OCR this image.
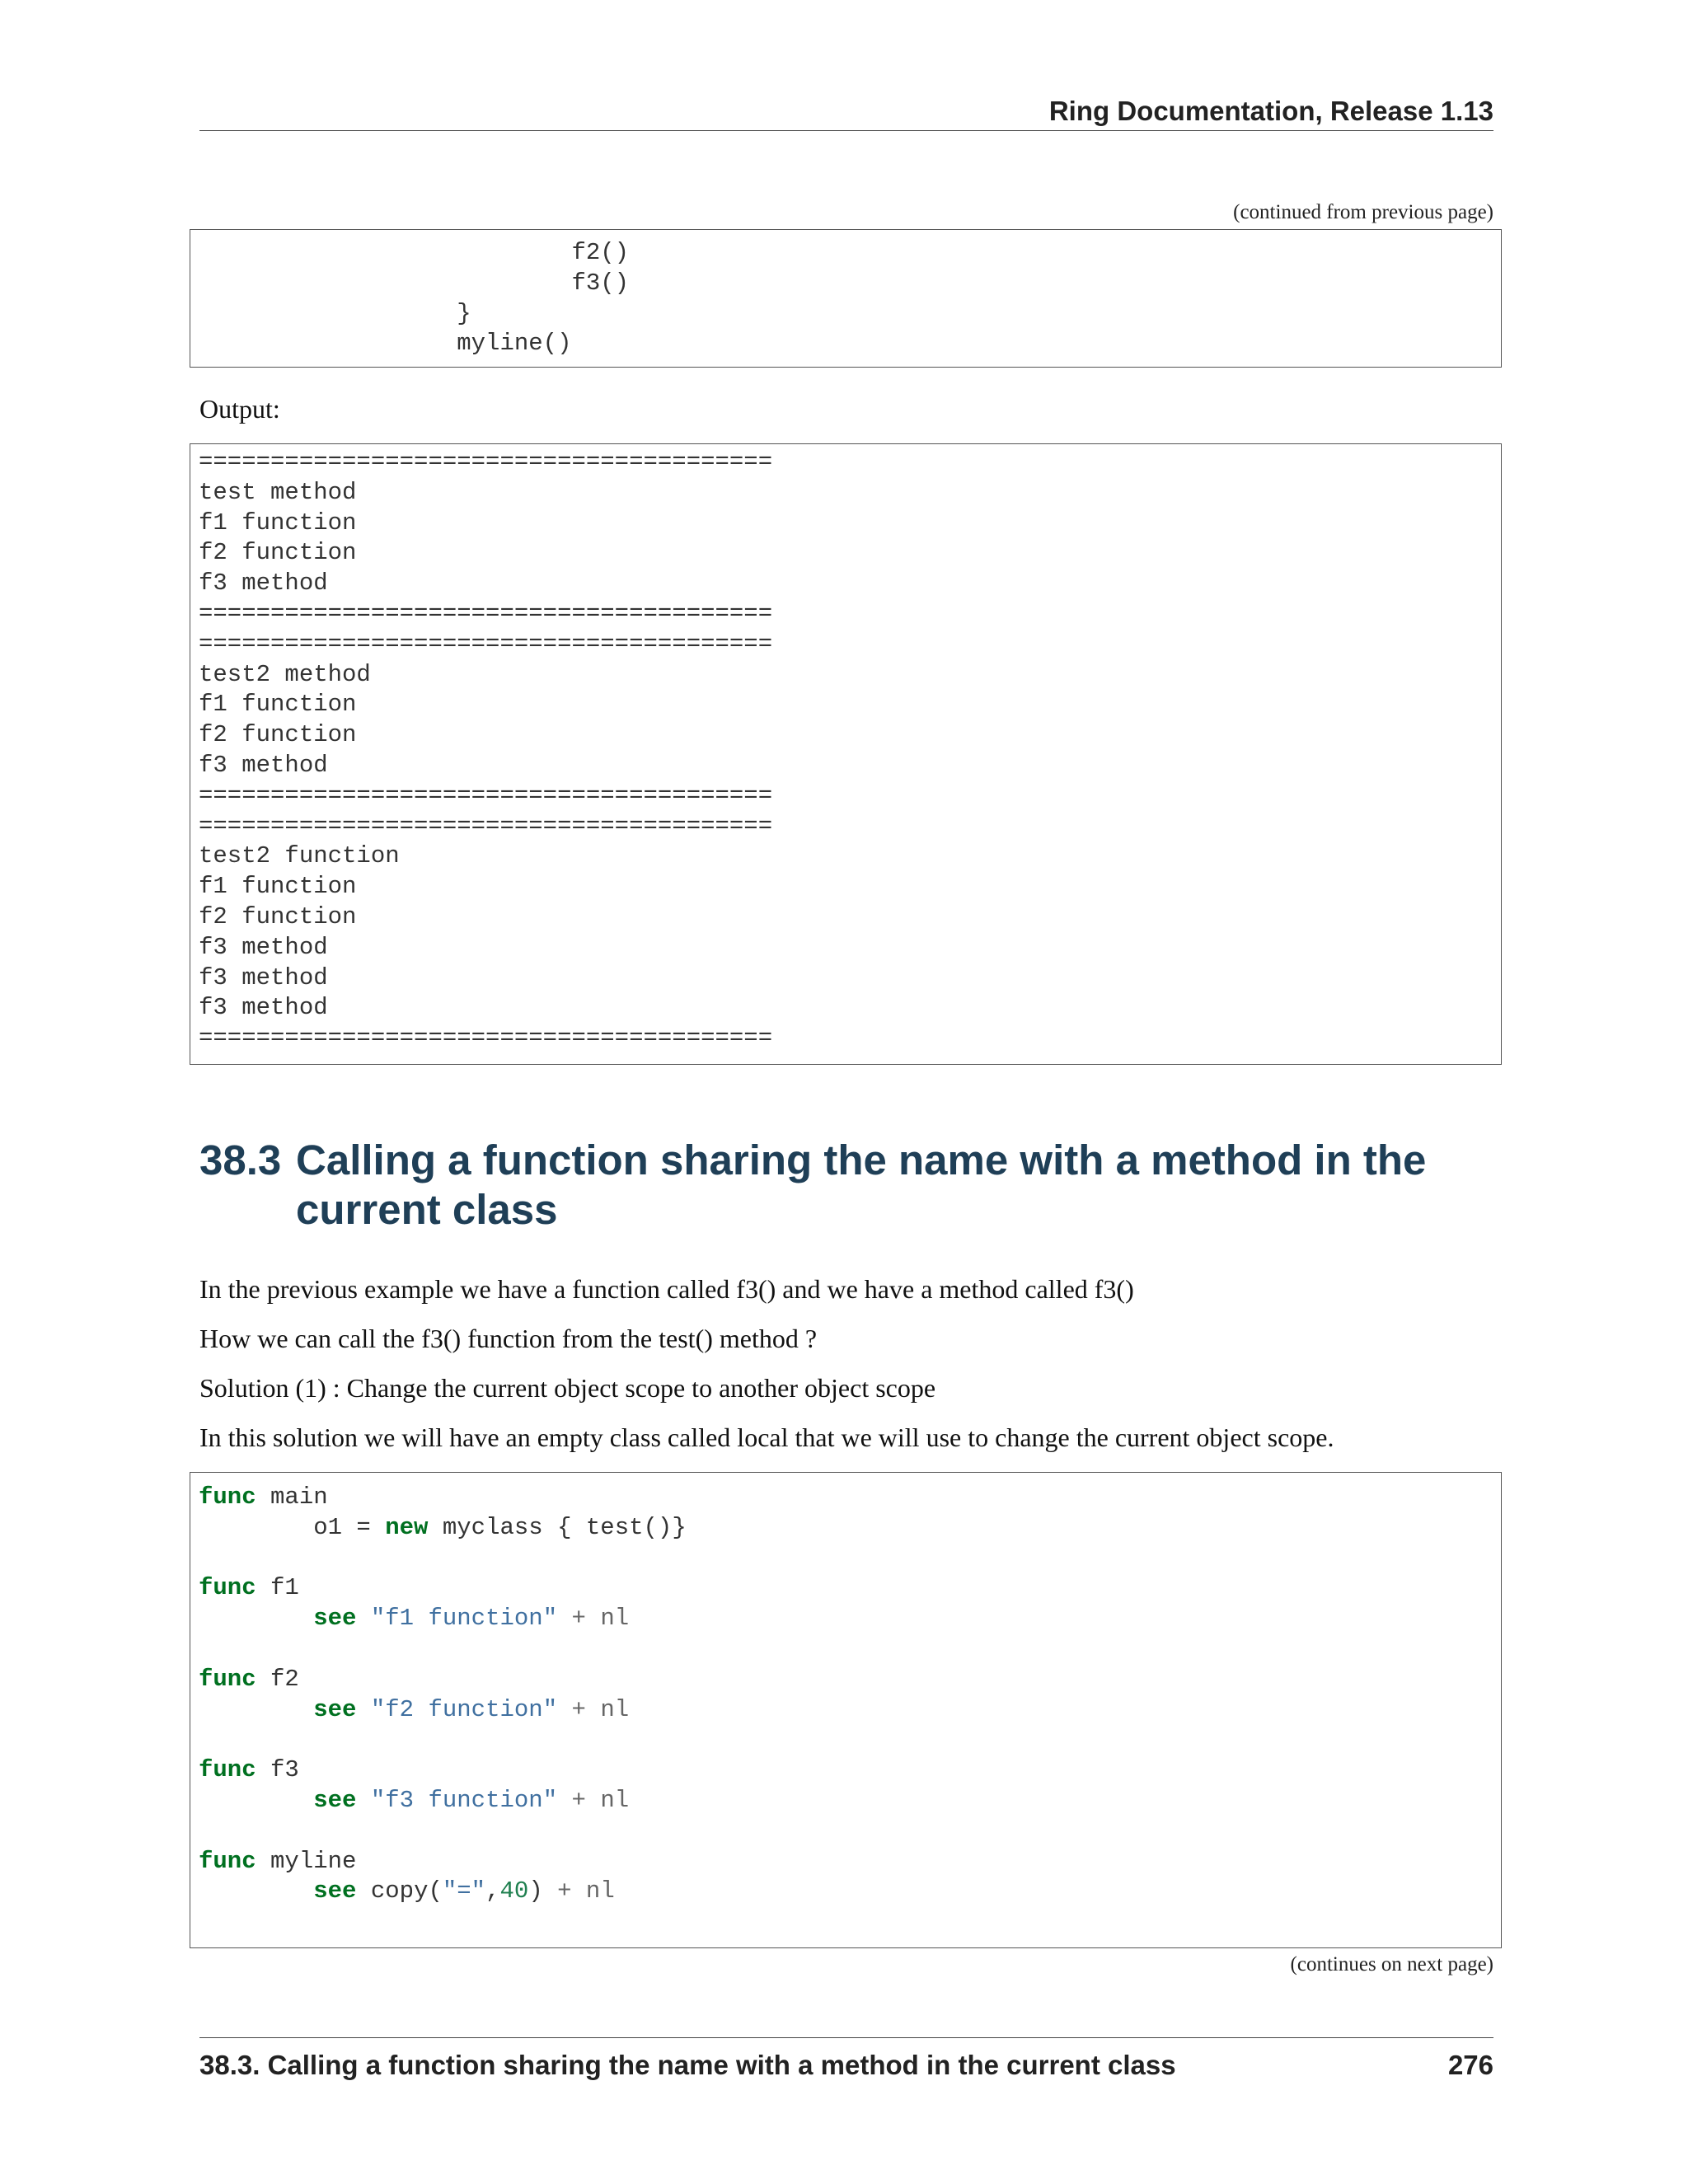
Ring Documentation, Release 1.13
(continued from previous page)
f2()
f3()
}
myline()
Output:
========================================
test method
f1 function
f2 function
f3 method
========================================
========================================
test2 method
f1 function
f2 function
f3 method
========================================
========================================
test2 function
f1 function
f2 function
f3 method
f3 method
f3 method
========================================
38.3 Calling a function sharing the name with a method in the current class
In the previous example we have a function called f3() and we have a method called f3()
How we can call the f3() function from the test() method ?
Solution (1) : Change the current object scope to another object scope
In this solution we will have an empty class called local that we will use to change the current object scope.
func main
o1 = new myclass { test()}

func f1
see "f1 function" + nl

func f2
see "f2 function" + nl

func f3
see "f3 function" + nl

func myline
see copy("=",40) + nl
(continues on next page)
38.3. Calling a function sharing the name with a method in the current class	276
